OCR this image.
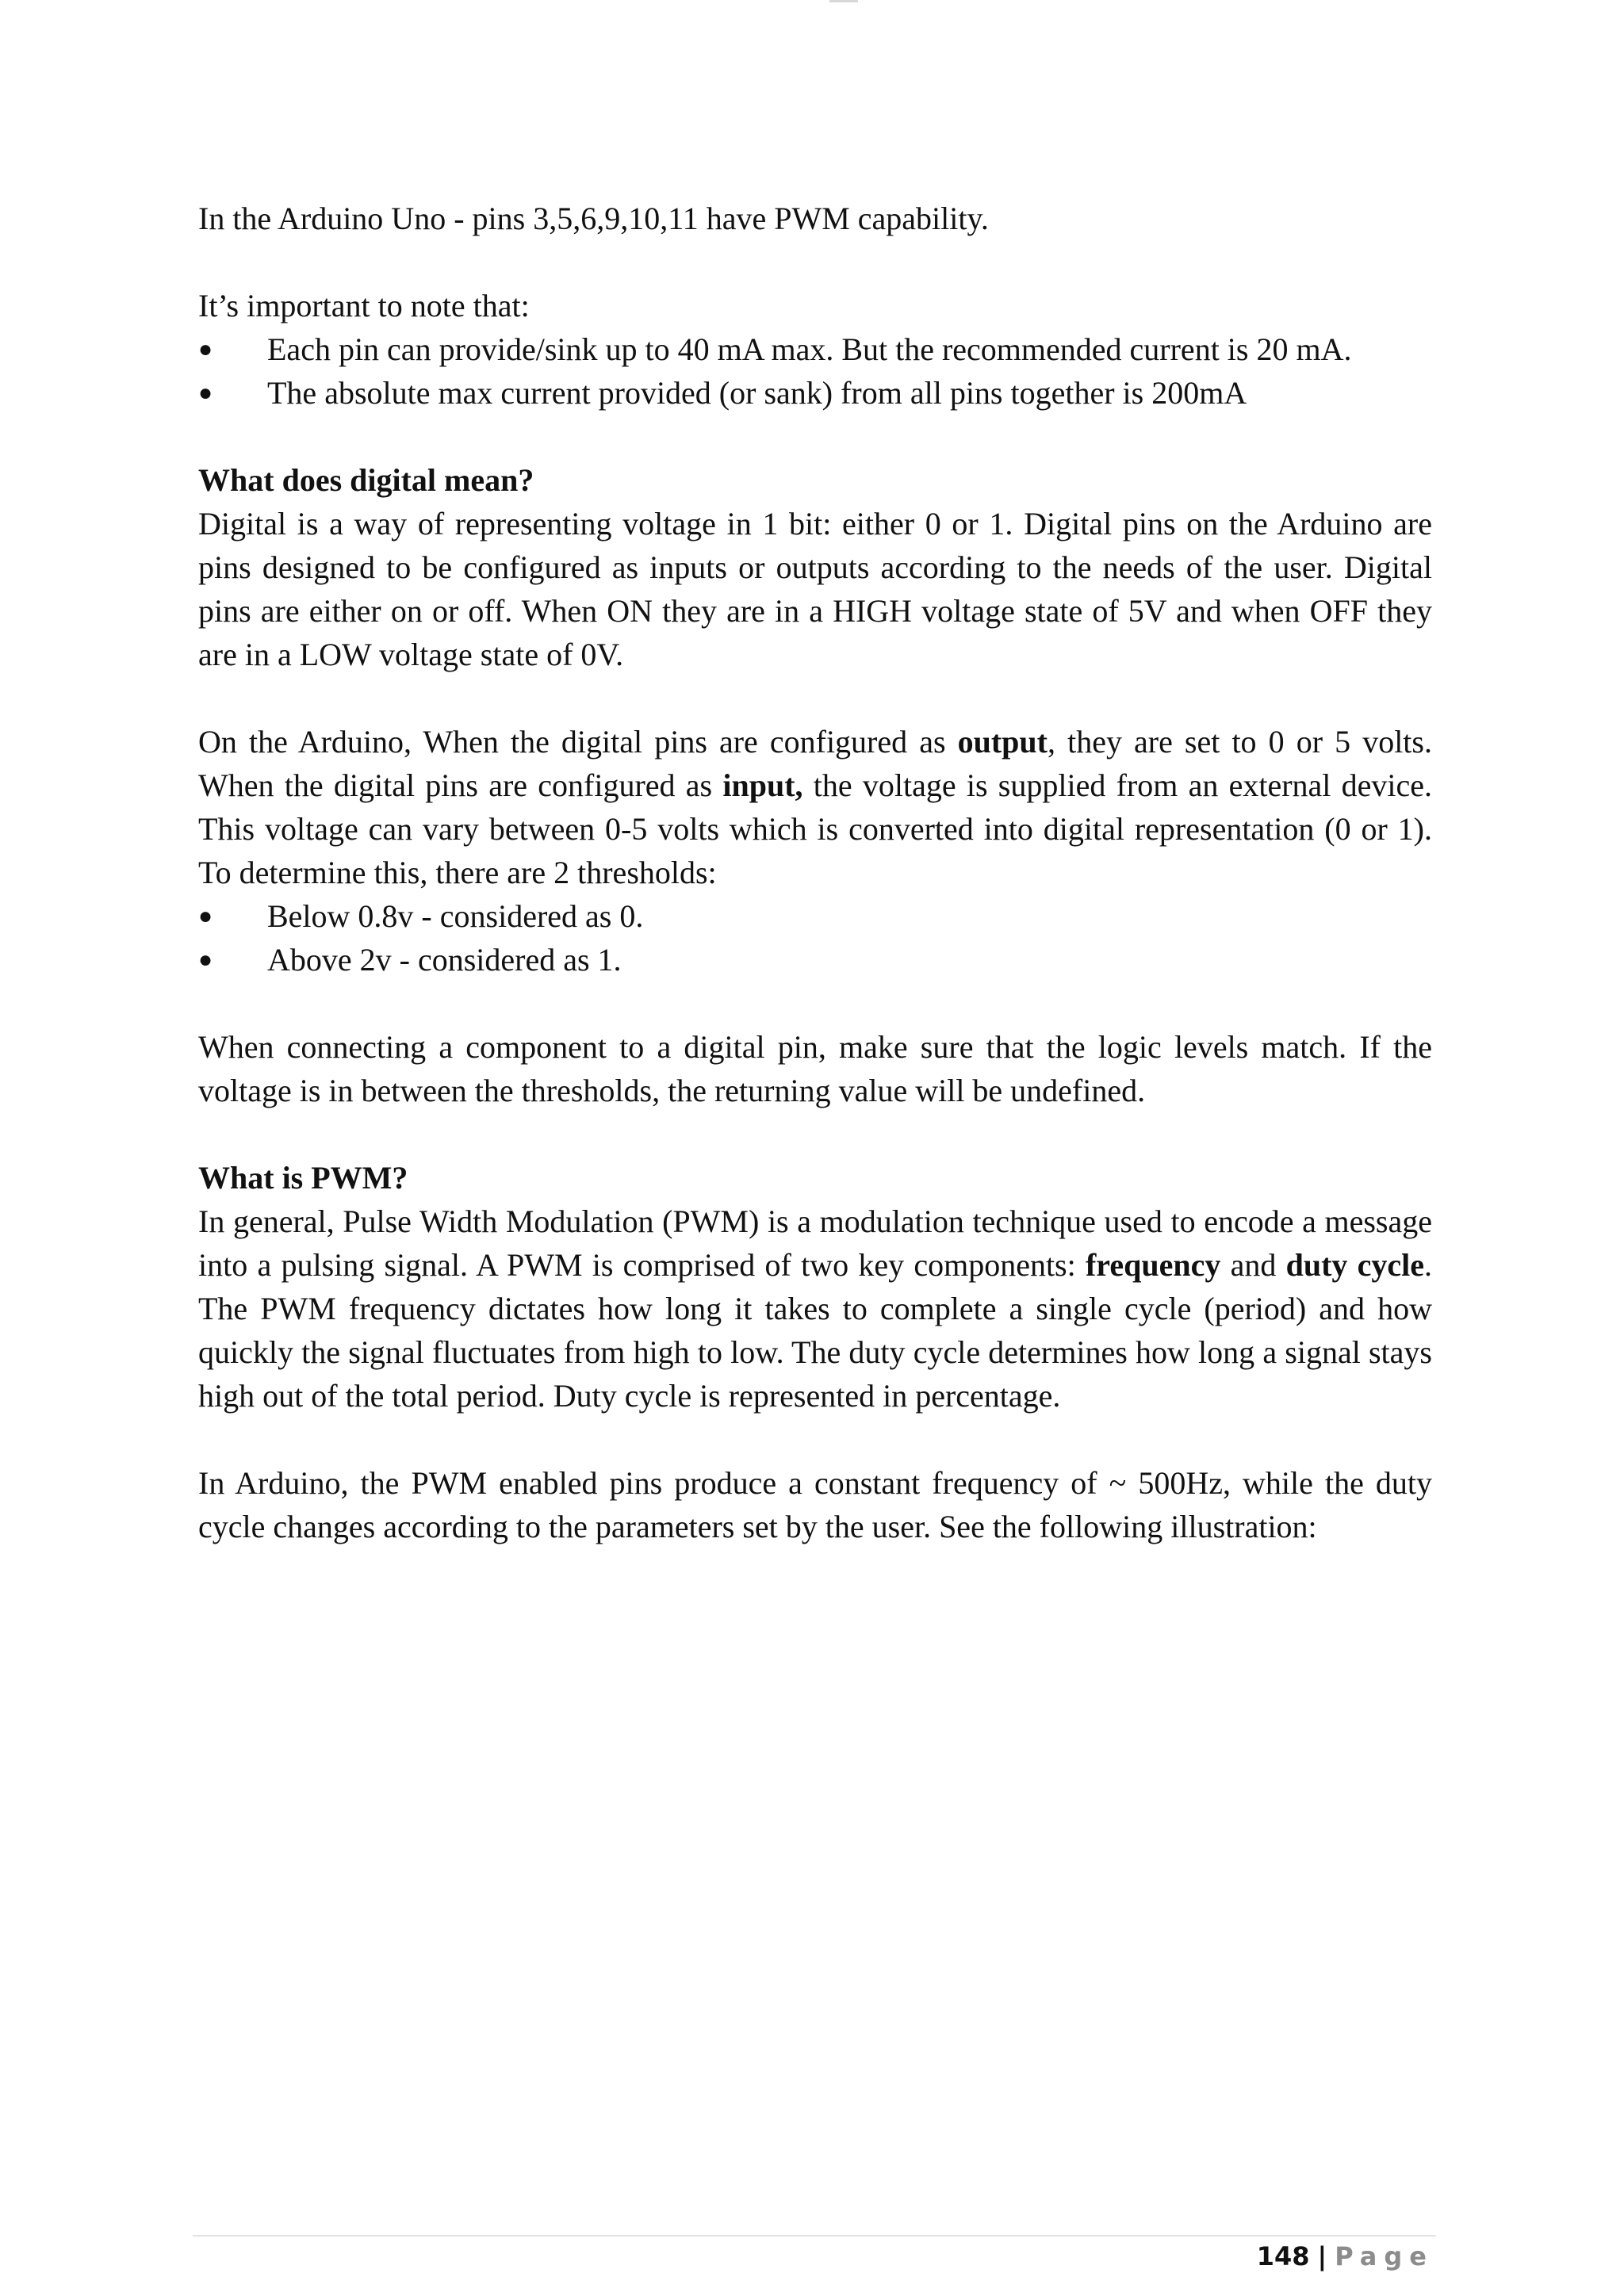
In the Arduino Uno - pins 3,5,6,9,10,11 have PWM capability.

It’s important to note that:

● Each pin can provide/sink up to 40 mA max. But the recommended current is 20 mA.
● The absolute max current provided (or sank) from all pins together is 200mA

What does digital mean?

Digital is a way of representing voltage in 1 bit: either 0 or 1. Digital pins on the Arduino are pins designed to be configured as inputs or outputs according to the needs of the user. Digital pins are either on or off. When ON they are in a HIGH voltage state of 5V and when OFF they are in a LOW voltage state of 0V.

On the Arduino, When the digital pins are configured as output, they are set to 0 or 5 volts. When the digital pins are configured as input, the voltage is supplied from an external device. This voltage can vary between 0-5 volts which is converted into digital representation (0 or 1). To determine this, there are 2 thresholds:

● Below 0.8v - considered as 0.
● Above 2v - considered as 1.

When connecting a component to a digital pin, make sure that the logic levels match. If the voltage is in between the thresholds, the returning value will be undefined.

What is PWM?

In general, Pulse Width Modulation (PWM) is a modulation technique used to encode a message into a pulsing signal. A PWM is comprised of two key components: frequency and duty cycle. The PWM frequency dictates how long it takes to complete a single cycle (period) and how quickly the signal fluctuates from high to low. The duty cycle determines how long a signal stays high out of the total period. Duty cycle is represented in percentage.

In Arduino, the PWM enabled pins produce a constant frequency of ~ 500Hz, while the duty cycle changes according to the parameters set by the user. See the following illustration:

148 | Page
